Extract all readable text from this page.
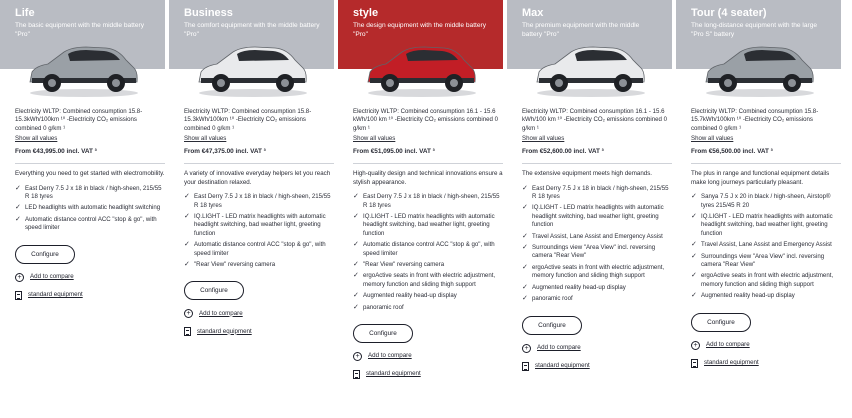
Life
The basic equipment with the middle battery "Pro"
Electricity WLTP: Combined consumption 15.8-15.3kWh/100km ¹⁰ -Electricity CO₂ emissions combined 0 g/km ¹
Show all values
From €43,995.00 incl. VAT ³
Everything you need to get started with electromobility.
✓ East Derry 7.5 J x 18 in black / high-sheen, 215/55 R 18 tyres
✓ LED headlights with automatic headlight switching
✓ Automatic distance control ACC "stop & go", with speed limiter
Configure
+	Add to compare
standard equipment
Business
The comfort equipment with the middle battery "Pro"
Electricity WLTP: Combined consumption 15.8-15.3kWh/100km ¹⁰ -Electricity CO₂ emissions combined 0 g/km ¹
Show all values
From €47,375.00 incl. VAT ³
A variety of innovative everyday helpers let you reach your destination relaxed.
✓ East Derry 7.5 J x 18 in black / high-sheen, 215/55 R 18 tyres
✓ IQ.LIGHT - LED matrix headlights with automatic headlight switching, bad weather light, greeting function
✓ Automatic distance control ACC "stop & go", with speed limiter
✓ "Rear View" reversing camera
Configure
+	Add to compare
standard equipment
style
The design equipment with the middle battery "Pro"
Electricity WLTP: Combined consumption 16.1 - 15.6 kWh/100 km ¹⁰ -Electricity CO₂ emissions combined 0 g/km ¹
Show all values
From €51,095.00 incl. VAT ³
High-quality design and technical innovations ensure a stylish appearance.
✓ East Derry 7.5 J x 18 in black / high-sheen, 215/55 R 18 tyres
✓ IQ.LIGHT - LED matrix headlights with automatic headlight switching, bad weather light, greeting function
✓ Automatic distance control ACC "stop & go", with speed limiter
✓ "Rear View" reversing camera
✓ ergoActive seats in front with electric adjustment, memory function and sliding thigh support
✓ Augmented reality head-up display
✓ panoramic roof
Configure
+	Add to compare
standard equipment
Max
The premium equipment with the middle battery "Pro"
Electricity WLTP: Combined consumption 16.1 - 15.6 kWh/100 km ¹⁰ -Electricity CO₂ emissions combined 0 g/km ¹
Show all values
From €52,600.00 incl. VAT ³
The extensive equipment meets high demands.
✓ East Derry 7.5 J x 18 in black / high-sheen, 215/55 R 18 tyres
✓ IQ.LIGHT - LED matrix headlights with automatic headlight switching, bad weather light, greeting function
✓ Travel Assist, Lane Assist and Emergency Assist
✓ Surroundings view "Area View" incl. reversing camera "Rear View"
✓ ergoActive seats in front with electric adjustment, memory function and sliding thigh support
✓ Augmented reality head-up display
✓ panoramic roof
Configure
+	Add to compare
standard equipment
Tour (4 seater)
The long-distance equipment with the large "Pro S" battery
Electricity WLTP: Combined consumption 15.8-15.7kWh/100km ¹⁰ -Electricity CO₂ emissions combined 0 g/km ¹
Show all values
From €56,500.00 incl. VAT ³
The plus in range and functional equipment details make long journeys particularly pleasant.
✓ Sanya 7.5 J x 20 in black / high-sheen, Airstop® tyres 215/45 R 20
✓ IQ.LIGHT - LED matrix headlights with automatic headlight switching, bad weather light, greeting function
✓ Travel Assist, Lane Assist and Emergency Assist
✓ Surroundings view "Area View" incl. reversing camera "Rear View"
✓ ergoActive seats in front with electric adjustment, memory function and sliding thigh support
✓ Augmented reality head-up display
Configure
+	Add to compare
standard equipment
